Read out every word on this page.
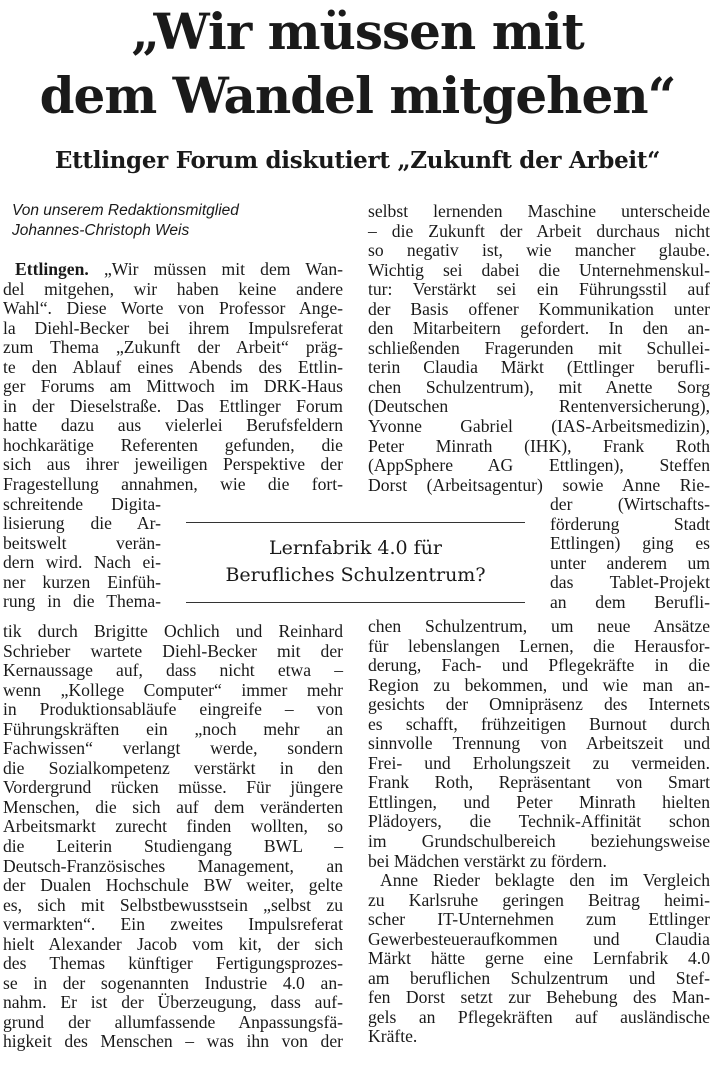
„Wir müssen mit
dem Wandel mitgehen“
Ettlinger Forum diskutiert „Zukunft der Arbeit“
Von unserem Redaktionsmitglied
Johannes-Christoph Weis
Ettlingen. „Wir müssen mit dem Wan-
del mitgehen, wir haben keine andere
Wahl“. Diese Worte von Professor Ange-
la Diehl-Becker bei ihrem Impulsreferat
zum Thema „Zukunft der Arbeit“ präg-
te den Ablauf eines Abends des Ettlin-
ger Forums am Mittwoch im DRK-Haus
in der Dieselstraße. Das Ettlinger Forum
hatte dazu aus vielerlei Berufsfeldern
hochkarätige Referenten gefunden, die
sich aus ihrer jeweiligen Perspektive der
Fragestellung annahmen, wie die fort-
schreitende Digita-
lisierung die Ar-
beitswelt verän-
dern wird. Nach ei-
ner kurzen Einfüh-
rung in die Thema-
tik durch Brigitte Ochlich und Reinhard
Schrieber wartete Diehl-Becker mit der
Kernaussage auf, dass nicht etwa –
wenn „Kollege Computer“ immer mehr
in Produktionsabläufe eingreife – von
Führungskräften ein „noch mehr an
Fachwissen“ verlangt werde, sondern
die Sozialkompetenz verstärkt in den
Vordergrund rücken müsse. Für jüngere
Menschen, die sich auf dem veränderten
Arbeitsmarkt zurecht finden wollten, so
die Leiterin Studiengang BWL –
Deutsch-Französisches Management, an
der Dualen Hochschule BW weiter, gelte
es, sich mit Selbstbewusstsein „selbst zu
vermarkten“. Ein zweites Impulsreferat
hielt Alexander Jacob vom kit, der sich
des Themas künftiger Fertigungsprozes-
se in der sogenannten Industrie 4.0 an-
nahm. Er ist der Überzeugung, dass auf-
grund der allumfassende Anpassungsfä-
higkeit des Menschen – was ihn von der
selbst lernenden Maschine unterscheide
– die Zukunft der Arbeit durchaus nicht
so negativ ist, wie mancher glaube.
Wichtig sei dabei die Unternehmenskul-
tur: Verstärkt sei ein Führungsstil auf
der Basis offener Kommunikation unter
den Mitarbeitern gefordert. In den an-
schließenden Fragerunden mit Schullei-
terin Claudia Märkt (Ettlinger berufli-
chen Schulzentrum), mit Anette Sorg
(Deutschen Rentenversicherung),
Yvonne Gabriel (IAS-Arbeitsmedizin),
Peter Minrath (IHK), Frank Roth
(AppSphere AG Ettlingen), Steffen
Dorst (Arbeitsagentur) sowie Anne Rie-
der (Wirtschafts-
förderung Stadt
Ettlingen) ging es
unter anderem um
das Tablet-Projekt
an dem Berufli-
chen Schulzentrum, um neue Ansätze
für lebenslangen Lernen, die Herausfor-
derung, Fach- und Pflegekräfte in die
Region zu bekommen, und wie man an-
gesichts der Omnipräsenz des Internets
es schafft, frühzeitigen Burnout durch
sinnvolle Trennung von Arbeitszeit und
Frei- und Erholungszeit zu vermeiden.
Frank Roth, Repräsentant von Smart
Ettlingen, und Peter Minrath hielten
Plädoyers, die Technik-Affinität schon
im Grundschulbereich beziehungsweise
bei Mädchen verstärkt zu fördern.
Anne Rieder beklagte den im Vergleich
zu Karlsruhe geringen Beitrag heimi-
scher IT-Unternehmen zum Ettlinger
Gewerbesteueraufkommen und Claudia
Märkt hätte gerne eine Lernfabrik 4.0
am beruflichen Schulzentrum und Stef-
fen Dorst setzt zur Behebung des Man-
gels an Pflegekräften auf ausländische
Kräfte.
Lernfabrik 4.0 für
Berufliches Schulzentrum?
